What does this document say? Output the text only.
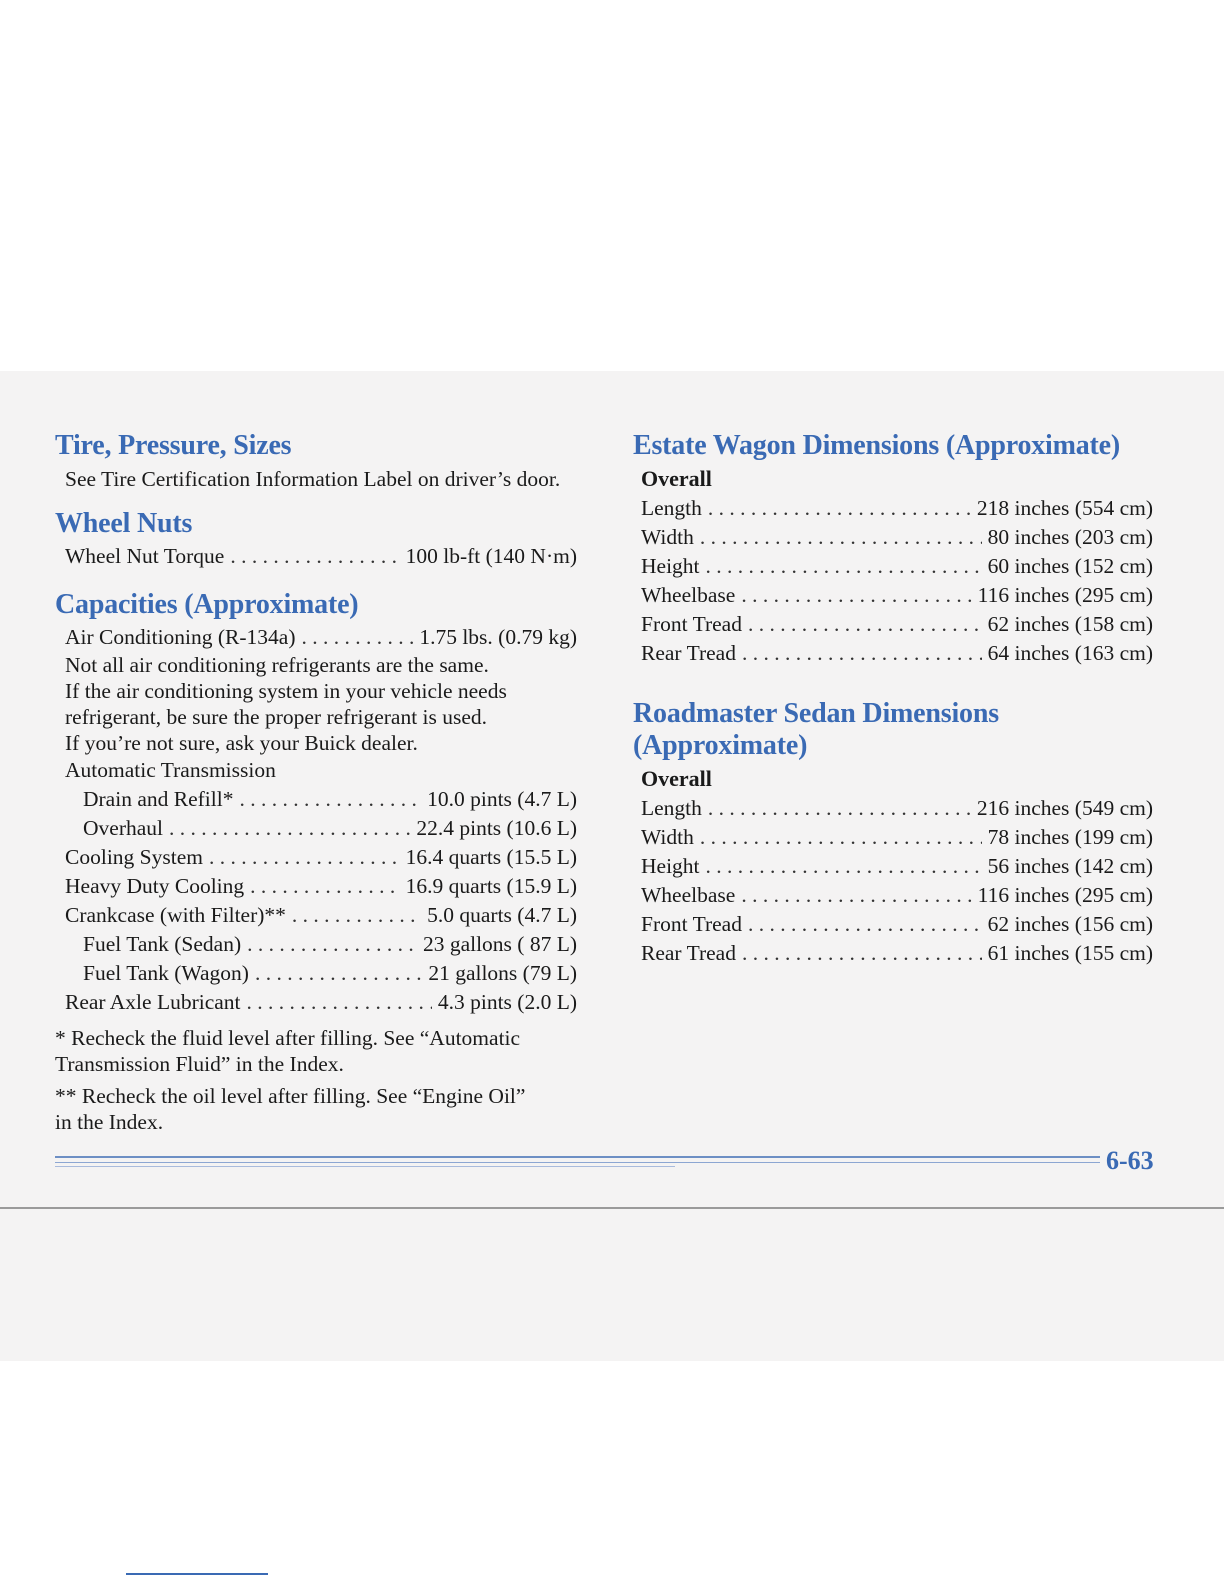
Tire, Pressure, Sizes
See Tire Certification Information Label on driver’s door.
Wheel Nuts
Wheel Nut Torque . . .	100 lb-ft (140 N·m)
Capacities (Approximate)
Air Conditioning (R-134a) . . .	1.75 lbs. (0.79 kg)
Not all air conditioning refrigerants are the same.
If the air conditioning system in your vehicle needs
refrigerant, be sure the proper refrigerant is used.
If you’re not sure, ask your Buick dealer.
Automatic Transmission
Drain and Refill* . . .	10.0 pints (4.7 L)
Overhaul . . .	22.4 pints (10.6 L)
Cooling System . . .	16.4 quarts (15.5 L)
Heavy Duty Cooling . . .	16.9 quarts (15.9 L)
Crankcase (with Filter)** . . .	5.0 quarts (4.7 L)
Fuel Tank (Sedan) . . .	23 gallons ( 87 L)
Fuel Tank (Wagon) . . .	21 gallons (79 L)
Rear Axle Lubricant . . .	4.3 pints (2.0 L)
* Recheck the fluid level after filling. See “Automatic
Transmission Fluid” in the Index.
** Recheck the oil level after filling. See “Engine Oil”
in the Index.
Estate Wagon Dimensions (Approximate)
Overall
Length . . .	218 inches (554 cm)
Width . . .	80 inches (203 cm)
Height . . .	60 inches (152 cm)
Wheelbase . . .	116 inches (295 cm)
Front Tread . . .	62 inches (158 cm)
Rear Tread . . .	64 inches (163 cm)
Roadmaster Sedan Dimensions
(Approximate)
Overall
Length . . .	216 inches (549 cm)
Width . . .	78 inches (199 cm)
Height . . .	56 inches (142 cm)
Wheelbase . . .	116 inches (295 cm)
Front Tread . . .	62 inches (156 cm)
Rear Tread . . .	61 inches (155 cm)
6-63
